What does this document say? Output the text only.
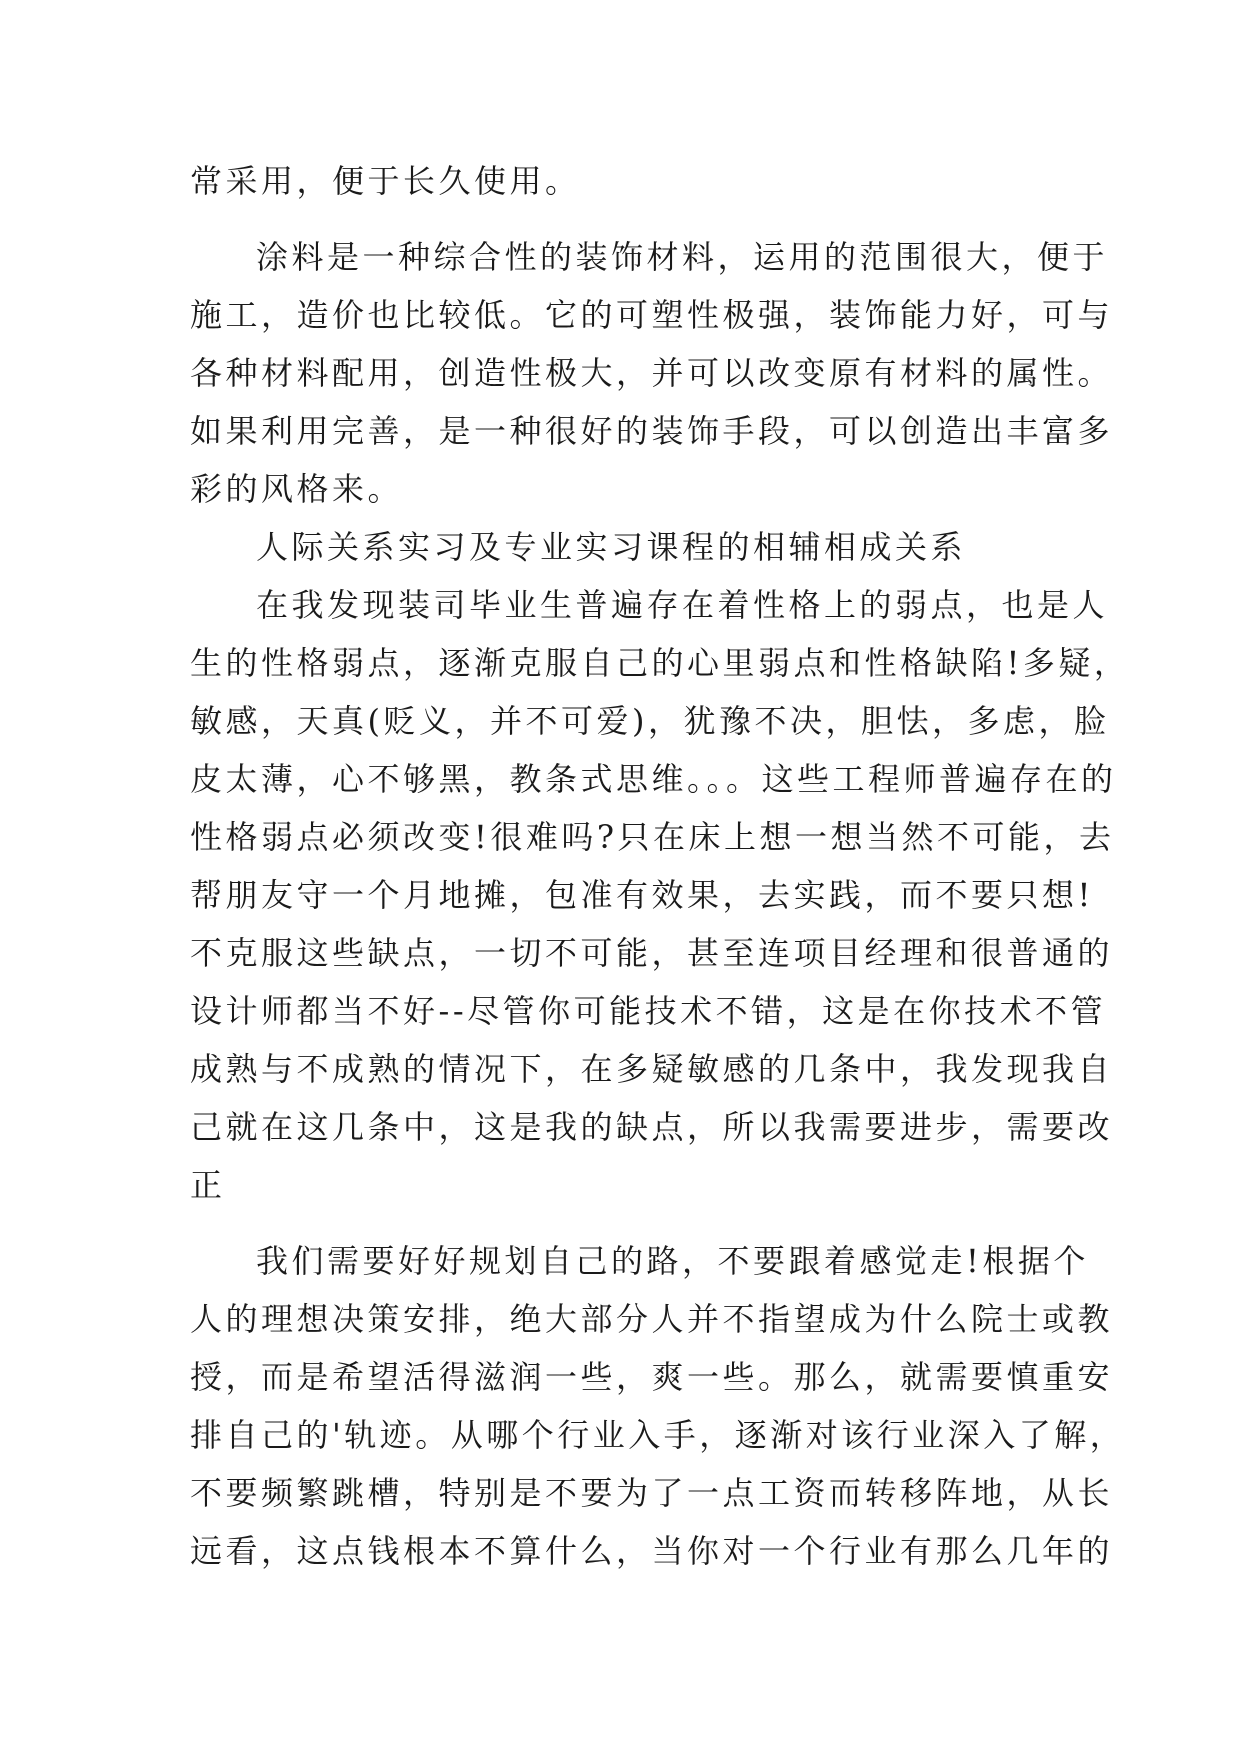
常采用，便于长久使用。
涂料是一种综合性的装饰材料，运用的范围很大，便于
施工，造价也比较低。它的可塑性极强，装饰能力好，可与
各种材料配用，创造性极大，并可以改变原有材料的属性。
如果利用完善，是一种很好的装饰手段，可以创造出丰富多
彩的风格来。
人际关系实习及专业实习课程的相辅相成关系
在我发现装司毕业生普遍存在着性格上的弱点，也是人
生的性格弱点，逐渐克服自己的心里弱点和性格缺陷!多疑，
敏感，天真(贬义，并不可爱)，犹豫不决，胆怯，多虑，脸
皮太薄，心不够黑，教条式思维。。。这些工程师普遍存在的
性格弱点必须改变!很难吗?只在床上想一想当然不可能，去
帮朋友守一个月地摊，包准有效果，去实践，而不要只想!
不克服这些缺点，一切不可能，甚至连项目经理和很普通的
设计师都当不好--尽管你可能技术不错，这是在你技术不管
成熟与不成熟的情况下，在多疑敏感的几条中，我发现我自
己就在这几条中，这是我的缺点，所以我需要进步，需要改
正
我们需要好好规划自己的路，不要跟着感觉走!根据个
人的理想决策安排，绝大部分人并不指望成为什么院士或教
授，而是希望活得滋润一些，爽一些。那么，就需要慎重安
排自己的'轨迹。从哪个行业入手，逐渐对该行业深入了解，
不要频繁跳槽，特别是不要为了一点工资而转移阵地，从长
远看，这点钱根本不算什么，当你对一个行业有那么几年的
